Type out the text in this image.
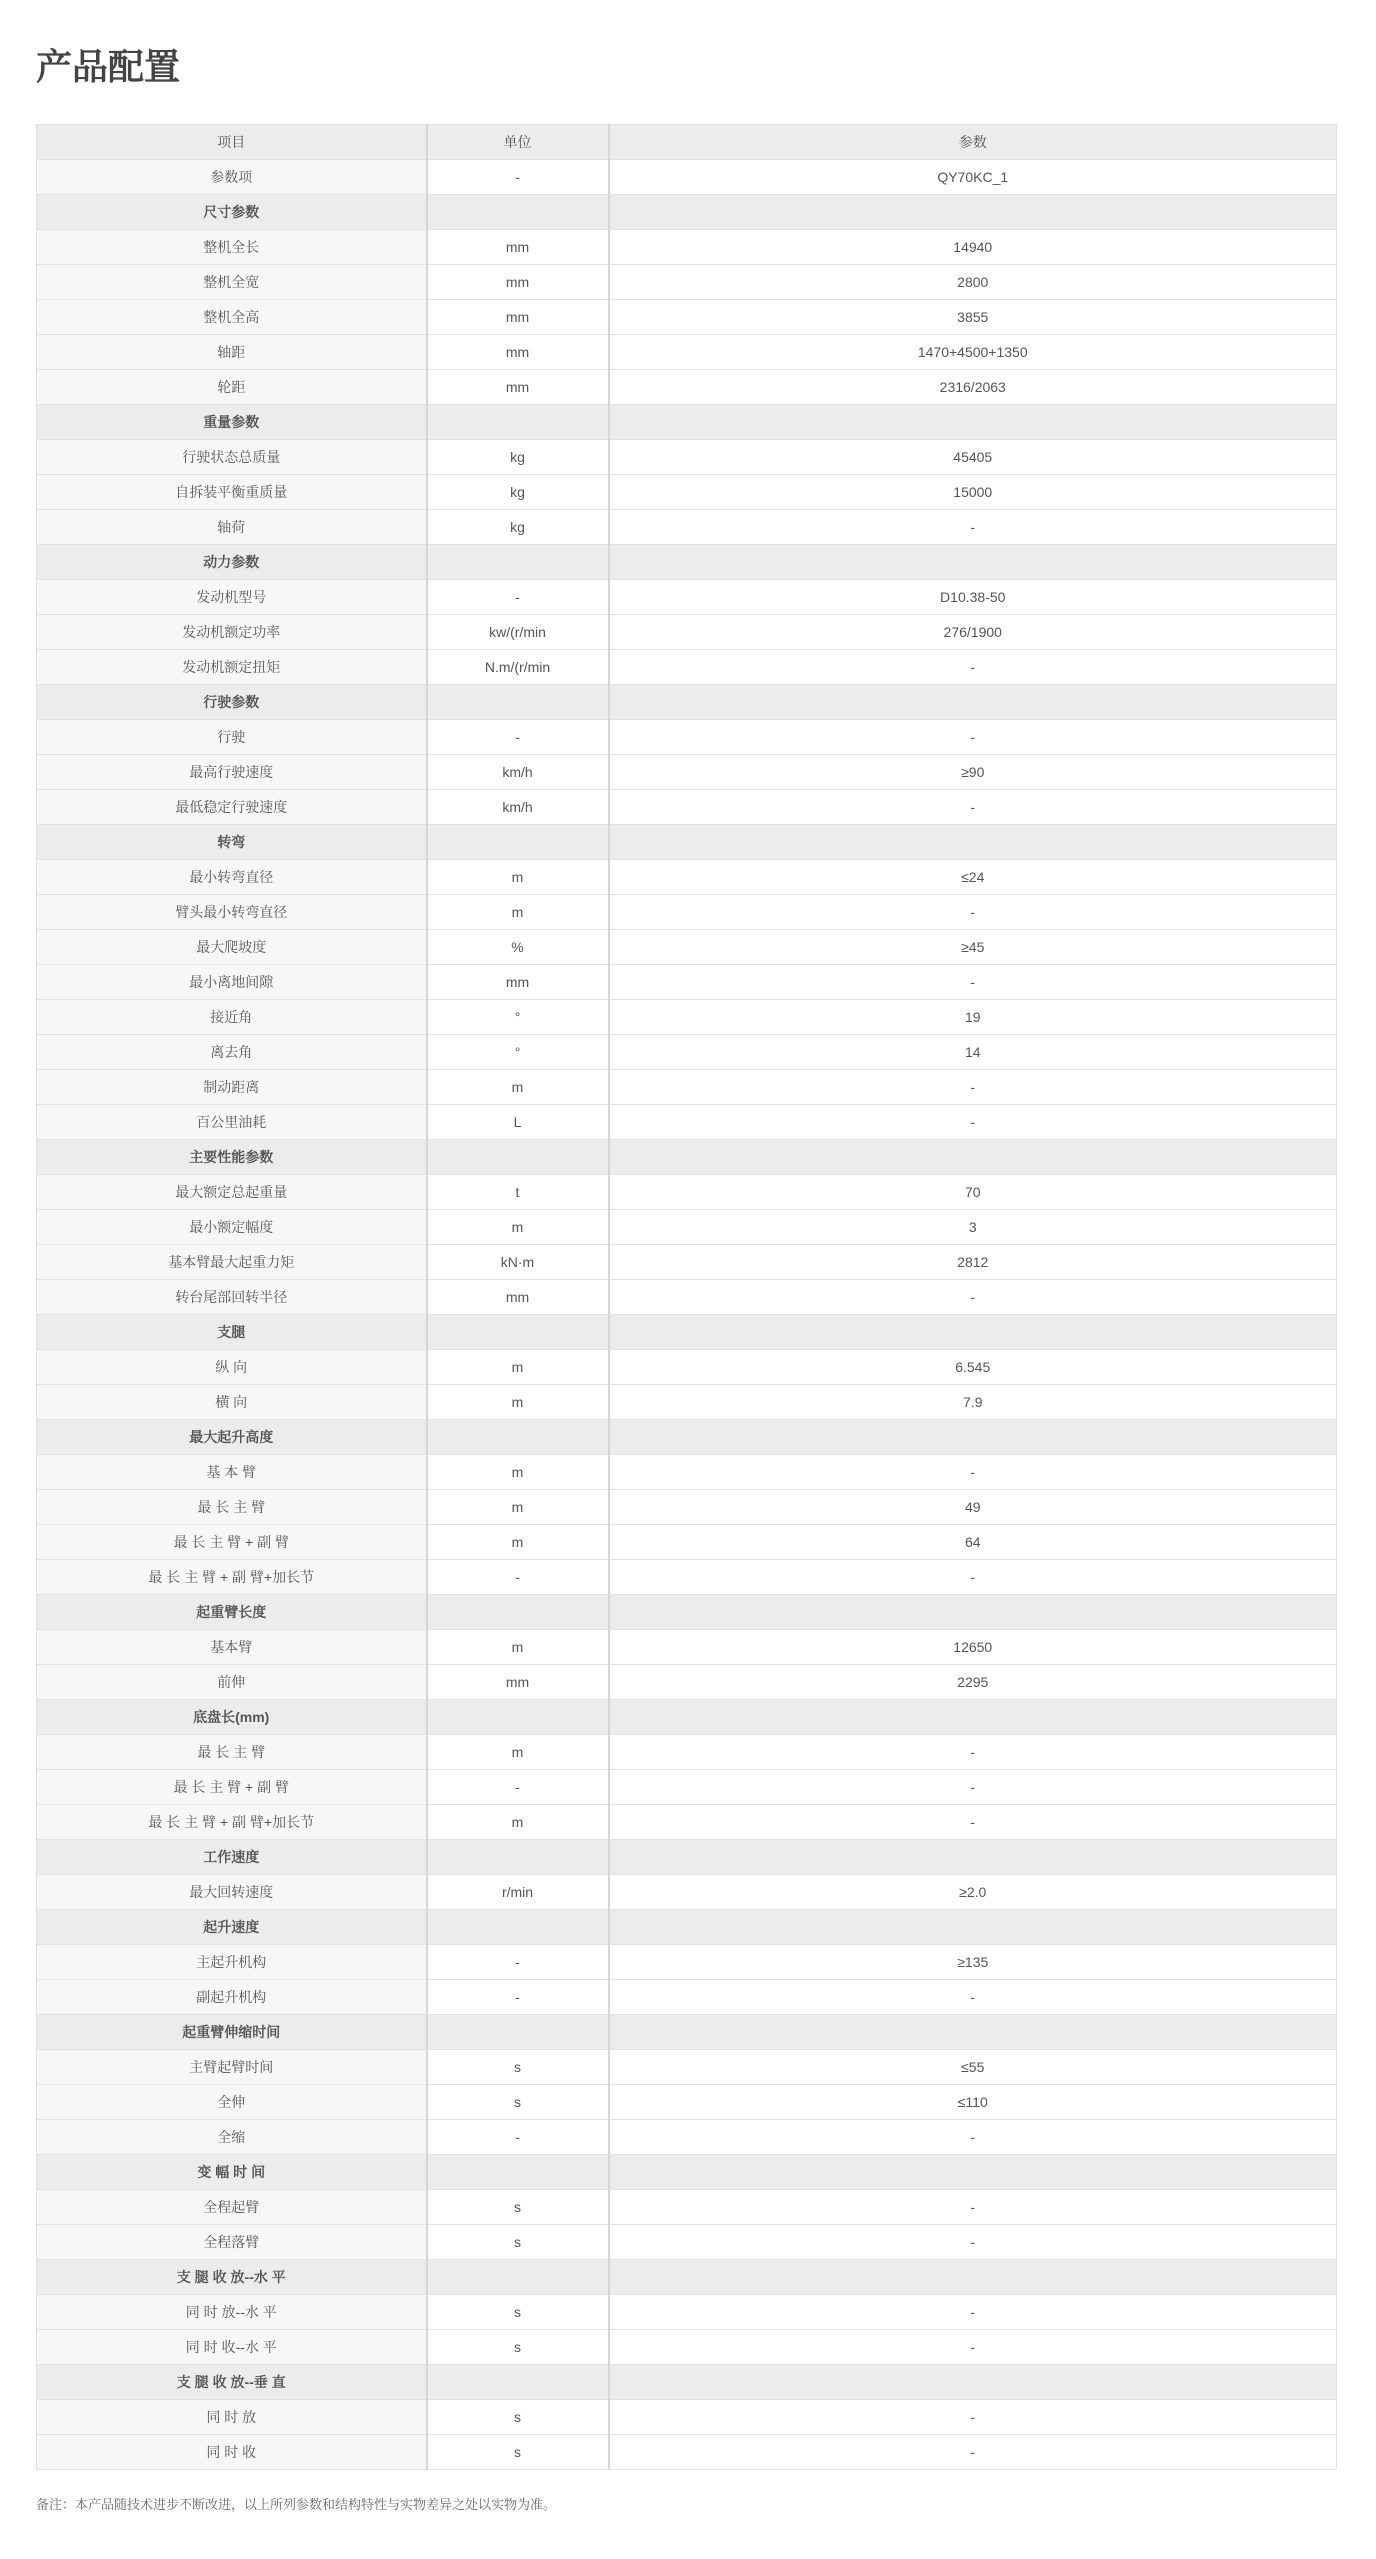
产品配置
项目	单位	参数
参数项	-	QY70KC_1
尺寸参数		
整机全长	mm	14940
整机全宽	mm	2800
整机全高	mm	3855
轴距	mm	1470+4500+1350
轮距	mm	2316/2063
重量参数		
行驶状态总质量	kg	45405
自拆装平衡重质量	kg	15000
轴荷	kg	-
动力参数		
发动机型号	-	D10.38-50
发动机额定功率	kw/(r/min	276/1900
发动机额定扭矩	N.m/(r/min	-
行驶参数		
行驶	-	-
最高行驶速度	km/h	≥90
最低稳定行驶速度	km/h	-
转弯		
最小转弯直径	m	≤24
臂头最小转弯直径	m	-
最大爬坡度	%	≥45
最小离地间隙	mm	-
接近角	°	19
离去角	°	14
制动距离	m	-
百公里油耗	L	-
主要性能参数		
最大额定总起重量	t	70
最小额定幅度	m	3
基本臂最大起重力矩	kN·m	2812
转台尾部回转半径	mm	-
支腿		
纵 向	m	6.545
横 向	m	7.9
最大起升高度		
基 本 臂	m	-
最 长 主 臂	m	49
最 长 主 臂 + 副 臂	m	64
最 长 主 臂 + 副 臂+加长节	-	-
起重臂长度		
基本臂	m	12650
前伸	mm	2295
底盘长(mm)		
最 长 主 臂	m	-
最 长 主 臂 + 副 臂	-	-
最 长 主 臂 + 副 臂+加长节	m	-
工作速度		
最大回转速度	r/min	≥2.0
起升速度		
主起升机构	-	≥135
副起升机构	-	-
起重臂伸缩时间		
主臂起臂时间	s	≤55
全伸	s	≤110
全缩	-	-
变 幅 时 间		
全程起臂	s	-
全程落臂	s	-
支 腿 收 放--水 平		
同 时 放--水 平	s	-
同 时 收--水 平	s	-
支 腿 收 放--垂 直		
同 时 放	s	-
同 时 收	s	-
备注：本产品随技术进步不断改进，以上所列参数和结构特性与实物差异之处以实物为准。
